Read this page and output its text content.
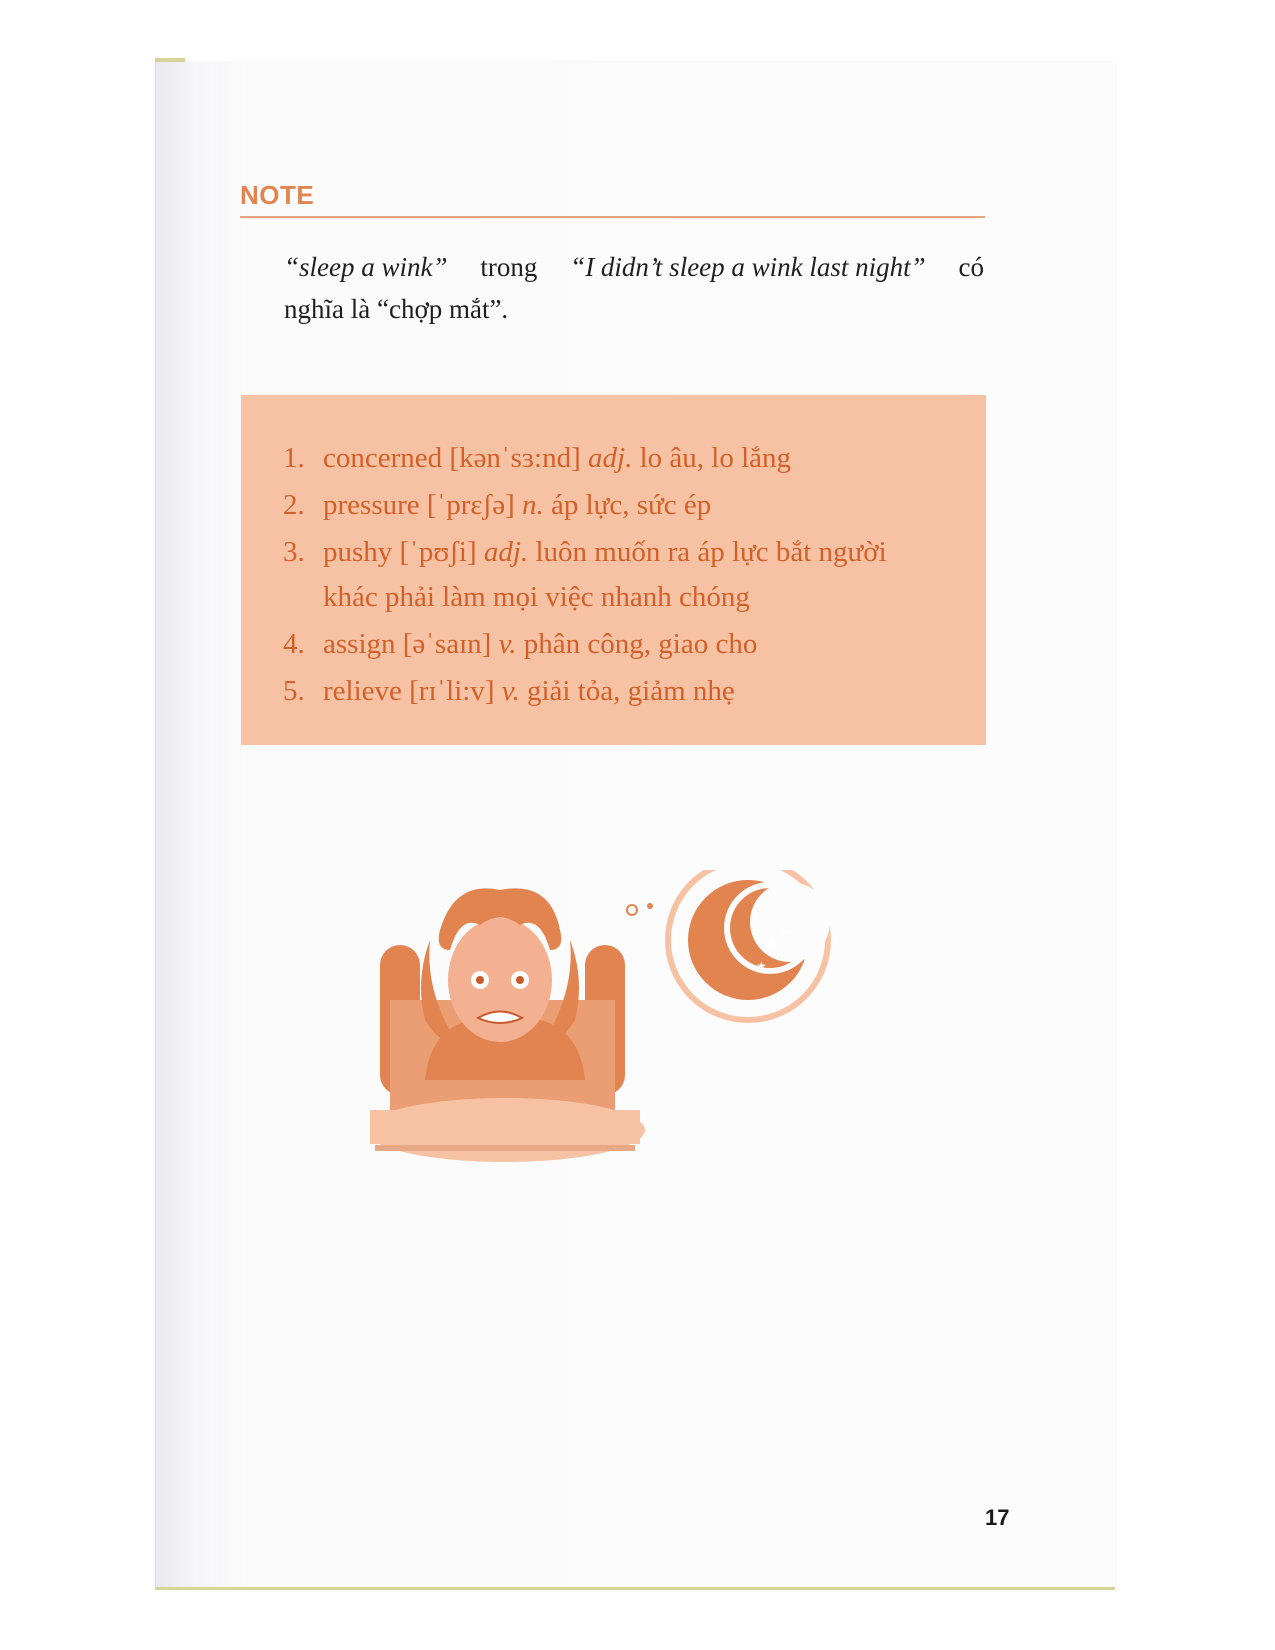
NOTE
“sleep a wink” trong “I didn’t sleep a wink last night” có
nghĩa là “chợp mắt”.
1. concerned [kənˈsɜ:nd] adj. lo âu, lo lắng
2. pressure [ˈprɛʃə] n. áp lực, sức ép
3. pushy [ˈpʊʃi] adj. luôn muốn ra áp lực bắt người khác phải làm mọi việc nhanh chóng
4. assign [əˈsaɪn] v. phân công, giao cho
5. relieve [rɪˈli:v] v. giải tỏa, giảm nhẹ
★
★
★
17
